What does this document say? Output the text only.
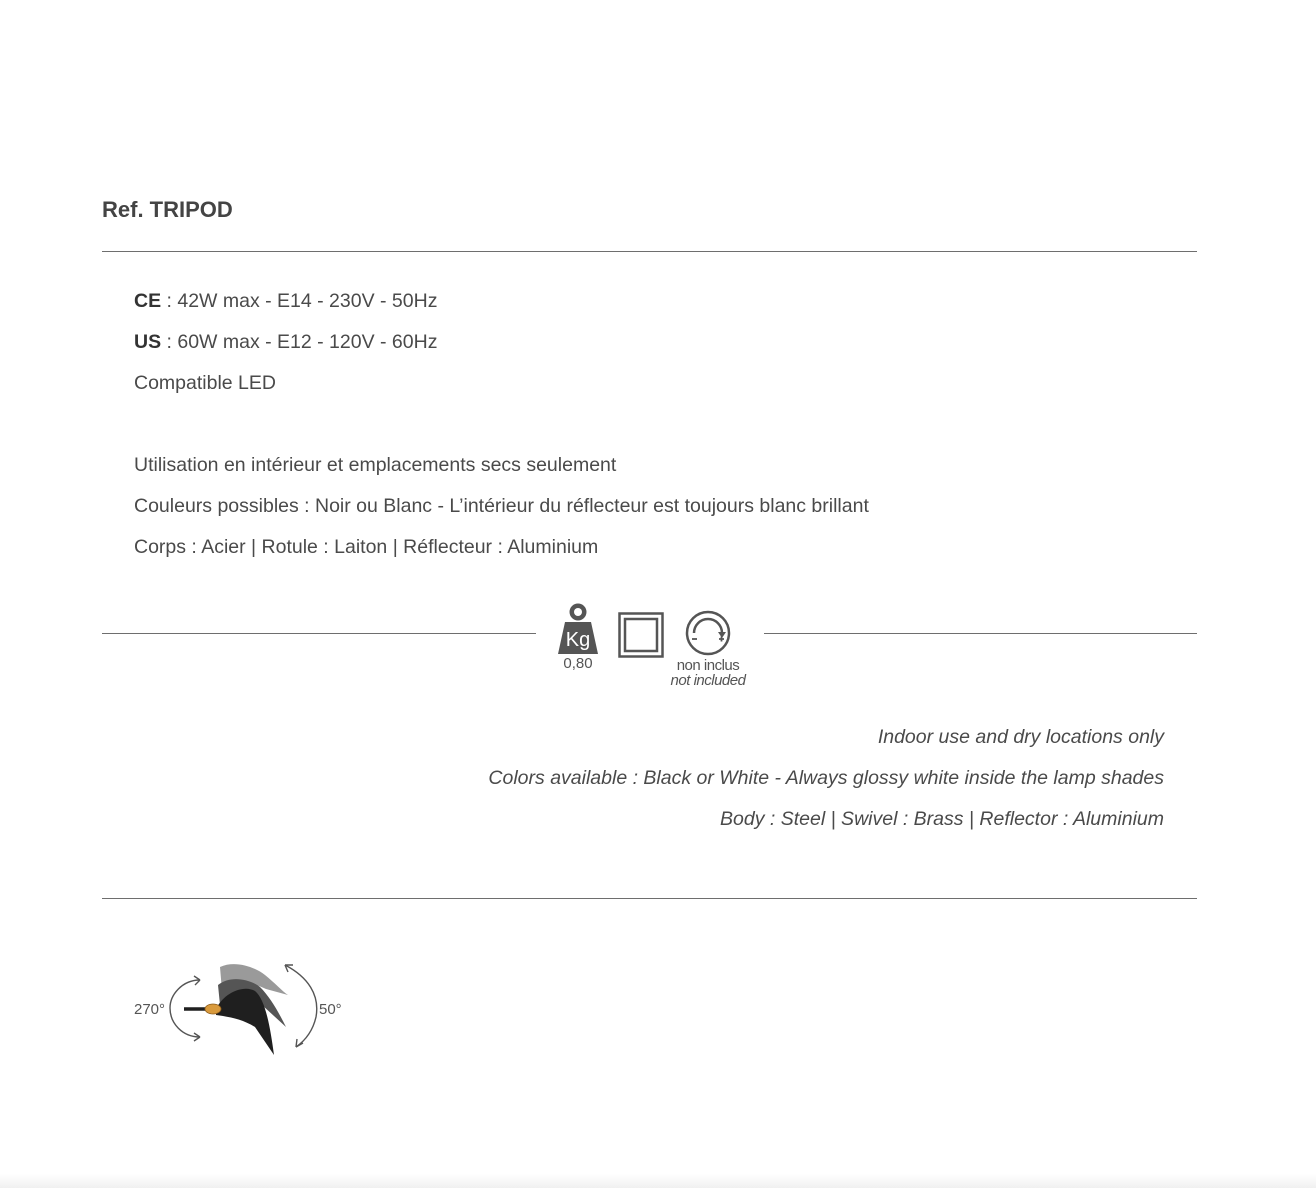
Ref. TRIPOD
CE : 42W max - E14 - 230V - 50Hz
US : 60W max - E12 - 120V - 60Hz
Compatible LED
Utilisation en intérieur et emplacements secs seulement
Couleurs possibles : Noir ou Blanc - L’intérieur du réflecteur est toujours blanc brillant
Corps : Acier | Rotule : Laiton | Réflecteur : Aluminium
Kg
0,80	non inclus
not included
Indoor use and dry locations only
Colors available : Black or White - Always glossy white inside the lamp shades
Body : Steel | Swivel : Brass | Reflector : Aluminium
270°	50°
